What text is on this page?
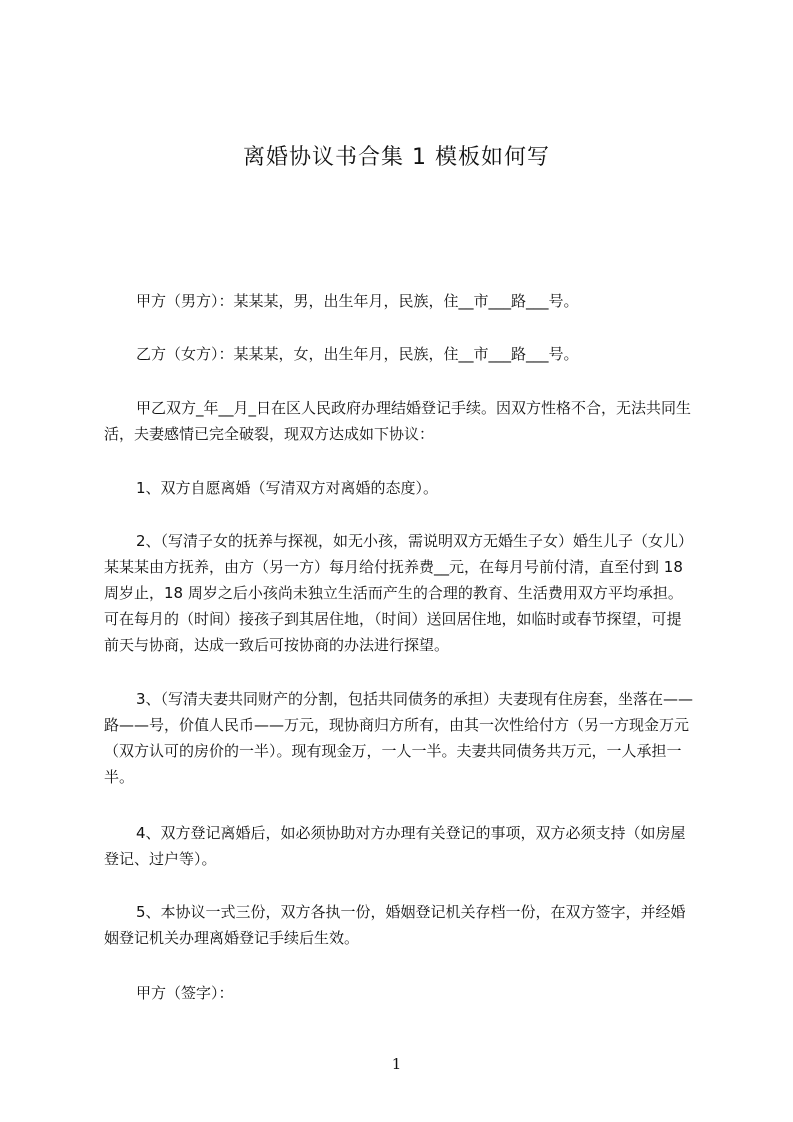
离婚协议书合集 1 模板如何写

甲方（男方）：某某某，男，出生年月，民族，住__市___路___号。

乙方（女方）：某某某，女，出生年月，民族，住__市___路___号。

甲乙双方_年__月_日在区人民政府办理结婚登记手续。因双方性格不合，无法共同生活，夫妻感情已完全破裂，现双方达成如下协议：

1、双方自愿离婚（写清双方对离婚的态度）。

2、（写清子女的抚养与探视，如无小孩，需说明双方无婚生子女）婚生儿子（女儿）某某某由方抚养，由方（另一方）每月给付抚养费__元，在每月号前付清，直至付到 18 周岁止，18 周岁之后小孩尚未独立生活而产生的合理的教育、生活费用双方平均承担。可在每月的（时间）接孩子到其居住地，（时间）送回居住地，如临时或春节探望，可提前天与协商，达成一致后可按协商的办法进行探望。

3、（写清夫妻共同财产的分割，包括共同债务的承担）夫妻现有住房套，坐落在——路——号，价值人民币——万元，现协商归方所有，由其一次性给付方（另一方现金万元（双方认可的房价的一半）。现有现金万，一人一半。夫妻共同债务共万元，一人承担一半。

4、双方登记离婚后，如必须协助对方办理有关登记的事项，双方必须支持（如房屋登记、过户等）。

5、本协议一式三份，双方各执一份，婚姻登记机关存档一份，在双方签字，并经婚姻登记机关办理离婚登记手续后生效。

甲方（签字）：

1
